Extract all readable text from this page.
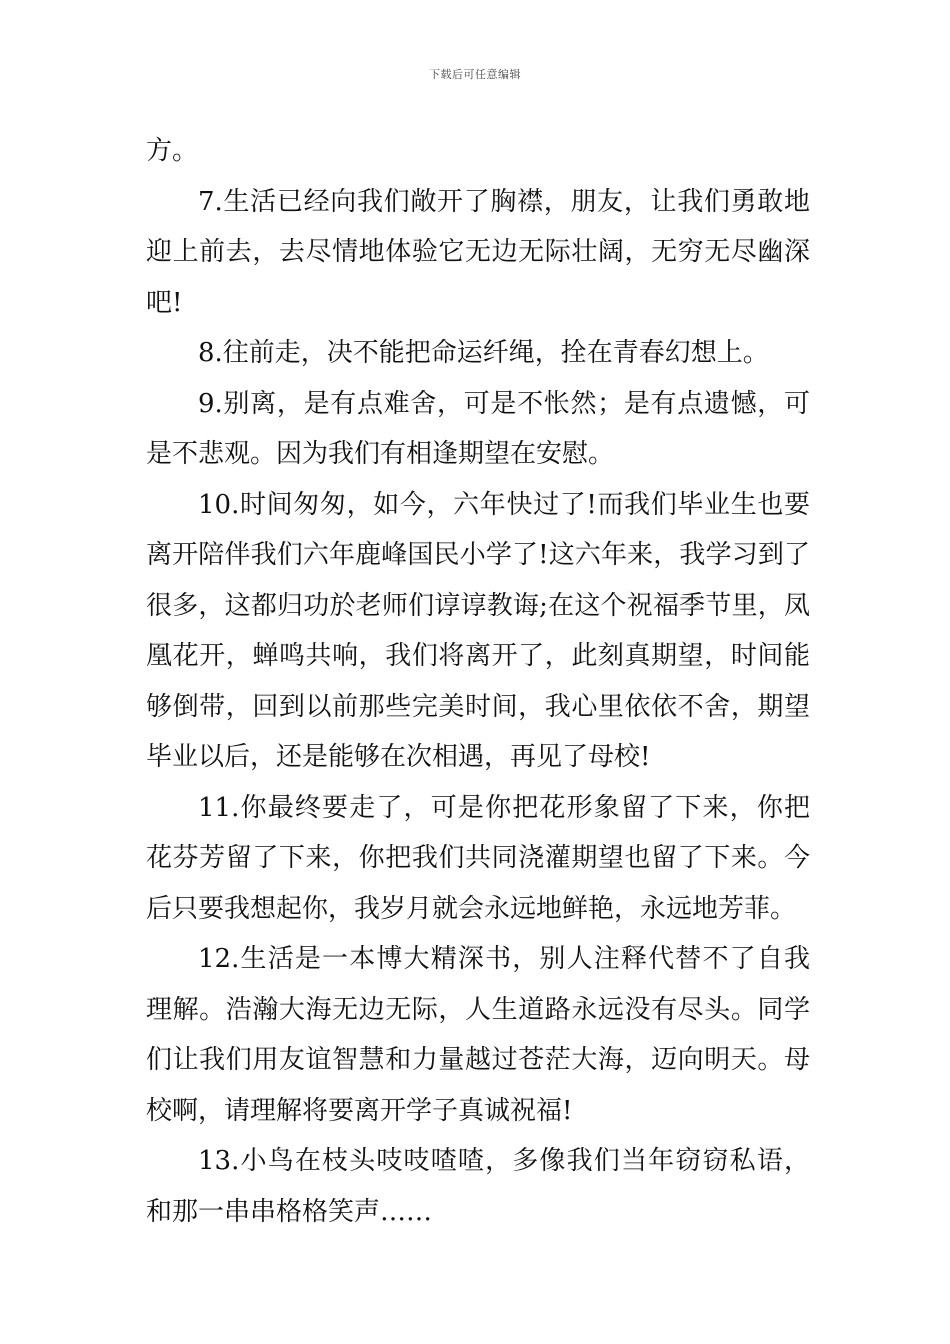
下载后可任意编辑

方。

7.生活已经向我们敞开了胸襟，朋友，让我们勇敢地迎上前去，去尽情地体验它无边无际壮阔，无穷无尽幽深吧!

8.往前走，决不能把命运纤绳，拴在青春幻想上。

9.别离，是有点难舍，可是不怅然；是有点遗憾，可是不悲观。因为我们有相逢期望在安慰。

10.时间匆匆，如今，六年快过了!而我们毕业生也要离开陪伴我们六年鹿峰国民小学了!这六年来，我学习到了很多，这都归功於老师们谆谆教诲;在这个祝福季节里，凤凰花开，蝉鸣共响，我们将离开了，此刻真期望，时间能够倒带，回到以前那些完美时间，我心里依依不舍，期望毕业以后，还是能够在次相遇，再见了母校!

11.你最终要走了，可是你把花形象留了下来，你把花芬芳留了下来，你把我们共同浇灌期望也留了下来。今后只要我想起你，我岁月就会永远地鲜艳，永远地芳菲。

12.生活是一本博大精深书，别人注释代替不了自我理解。浩瀚大海无边无际，人生道路永远没有尽头。同学们让我们用友谊智慧和力量越过苍茫大海，迈向明天。母校啊，请理解将要离开学子真诚祝福!

13.小鸟在枝头吱吱喳喳，多像我们当年窃窃私语，和那一串串格格笑声……
